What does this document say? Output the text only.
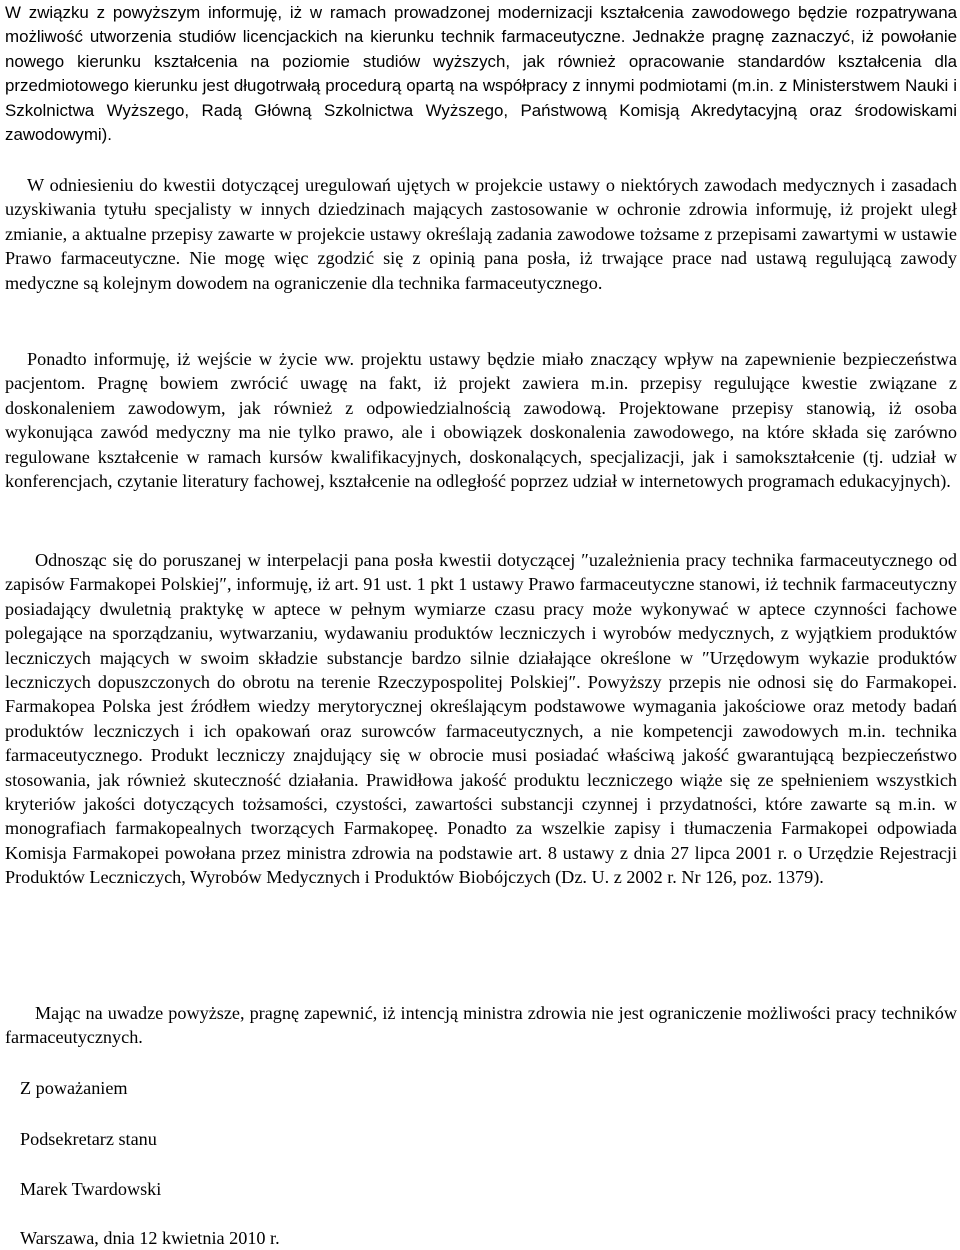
W związku z powyższym informuję, iż w ramach prowadzonej modernizacji kształcenia zawodowego będzie rozpatrywana możliwość utworzenia studiów licencjackich na kierunku technik farmaceutyczne. Jednakże pragnę zaznaczyć, iż powołanie nowego kierunku kształcenia na poziomie studiów wyższych, jak również opracowanie standardów kształcenia dla przedmiotowego kierunku jest długotrwałą procedurą opartą na współpracy z innymi podmiotami (m.in. z Ministerstwem Nauki i Szkolnictwa Wyższego, Radą Główną Szkolnictwa Wyższego, Państwową Komisją Akredytacyjną oraz środowiskami zawodowymi).

W odniesieniu do kwestii dotyczącej uregulowań ujętych w projekcie ustawy o niektórych zawodach medycznych i zasadach uzyskiwania tytułu specjalisty w innych dziedzinach mających zastosowanie w ochronie zdrowia informuję, iż projekt uległ zmianie, a aktualne przepisy zawarte w projekcie ustawy określają zadania zawodowe tożsame z przepisami zawartymi w ustawie Prawo farmaceutyczne. Nie mogę więc zgodzić się z opinią pana posła, iż trwające prace nad ustawą regulującą zawody medyczne są kolejnym dowodem na ograniczenie dla technika farmaceutycznego.

Ponadto informuję, iż wejście w życie ww. projektu ustawy będzie miało znaczący wpływ na zapewnienie bezpieczeństwa pacjentom. Pragnę bowiem zwrócić uwagę na fakt, iż projekt zawiera m.in. przepisy regulujące kwestie związane z doskonaleniem zawodowym, jak również z odpowiedzialnością zawodową. Projektowane przepisy stanowią, iż osoba wykonująca zawód medyczny ma nie tylko prawo, ale i obowiązek doskonalenia zawodowego, na które składa się zarówno regulowane kształcenie w ramach kursów kwalifikacyjnych, doskonalących, specjalizacji, jak i samokształcenie (tj. udział w konferencjach, czytanie literatury fachowej, kształcenie na odległość poprzez udział w internetowych programach edukacyjnych).

Odnosząc się do poruszanej w interpelacji pana posła kwestii dotyczącej ″uzależnienia pracy technika farmaceutycznego od zapisów Farmakopei Polskiej″, informuję, iż art. 91 ust. 1 pkt 1 ustawy Prawo farmaceutyczne stanowi, iż technik farmaceutyczny posiadający dwuletnią praktykę w aptece w pełnym wymiarze czasu pracy może wykonywać w aptece czynności fachowe polegające na sporządzaniu, wytwarzaniu, wydawaniu produktów leczniczych i wyrobów medycznych, z wyjątkiem produktów leczniczych mających w swoim składzie substancje bardzo silnie działające określone w ″Urzędowym wykazie produktów leczniczych dopuszczonych do obrotu na terenie Rzeczypospolitej Polskiej″. Powyższy przepis nie odnosi się do Farmakopei. Farmakopea Polska jest źródłem wiedzy merytorycznej określającym podstawowe wymagania jakościowe oraz metody badań produktów leczniczych i ich opakowań oraz surowców farmaceutycznych, a nie kompetencji zawodowych m.in. technika farmaceutycznego. Produkt leczniczy znajdujący się w obrocie musi posiadać właściwą jakość gwarantującą bezpieczeństwo stosowania, jak również skuteczność działania. Prawidłowa jakość produktu leczniczego wiąże się ze spełnieniem wszystkich kryteriów jakości dotyczących tożsamości, czystości, zawartości substancji czynnej i przydatności, które zawarte są m.in. w monografiach farmakopealnych tworzących Farmakopeę. Ponadto za wszelkie zapisy i tłumaczenia Farmakopei odpowiada Komisja Farmakopei powołana przez ministra zdrowia na podstawie art. 8 ustawy z dnia 27 lipca 2001 r. o Urzędzie Rejestracji Produktów Leczniczych, Wyrobów Medycznych i Produktów Biobójczych (Dz. U. z 2002 r. Nr 126, poz. 1379).

Mając na uwadze powyższe, pragnę zapewnić, iż intencją ministra zdrowia nie jest ograniczenie możliwości pracy techników farmaceutycznych.

Z poważaniem
Podsekretarz stanu
Marek Twardowski
Warszawa, dnia 12 kwietnia 2010 r.
